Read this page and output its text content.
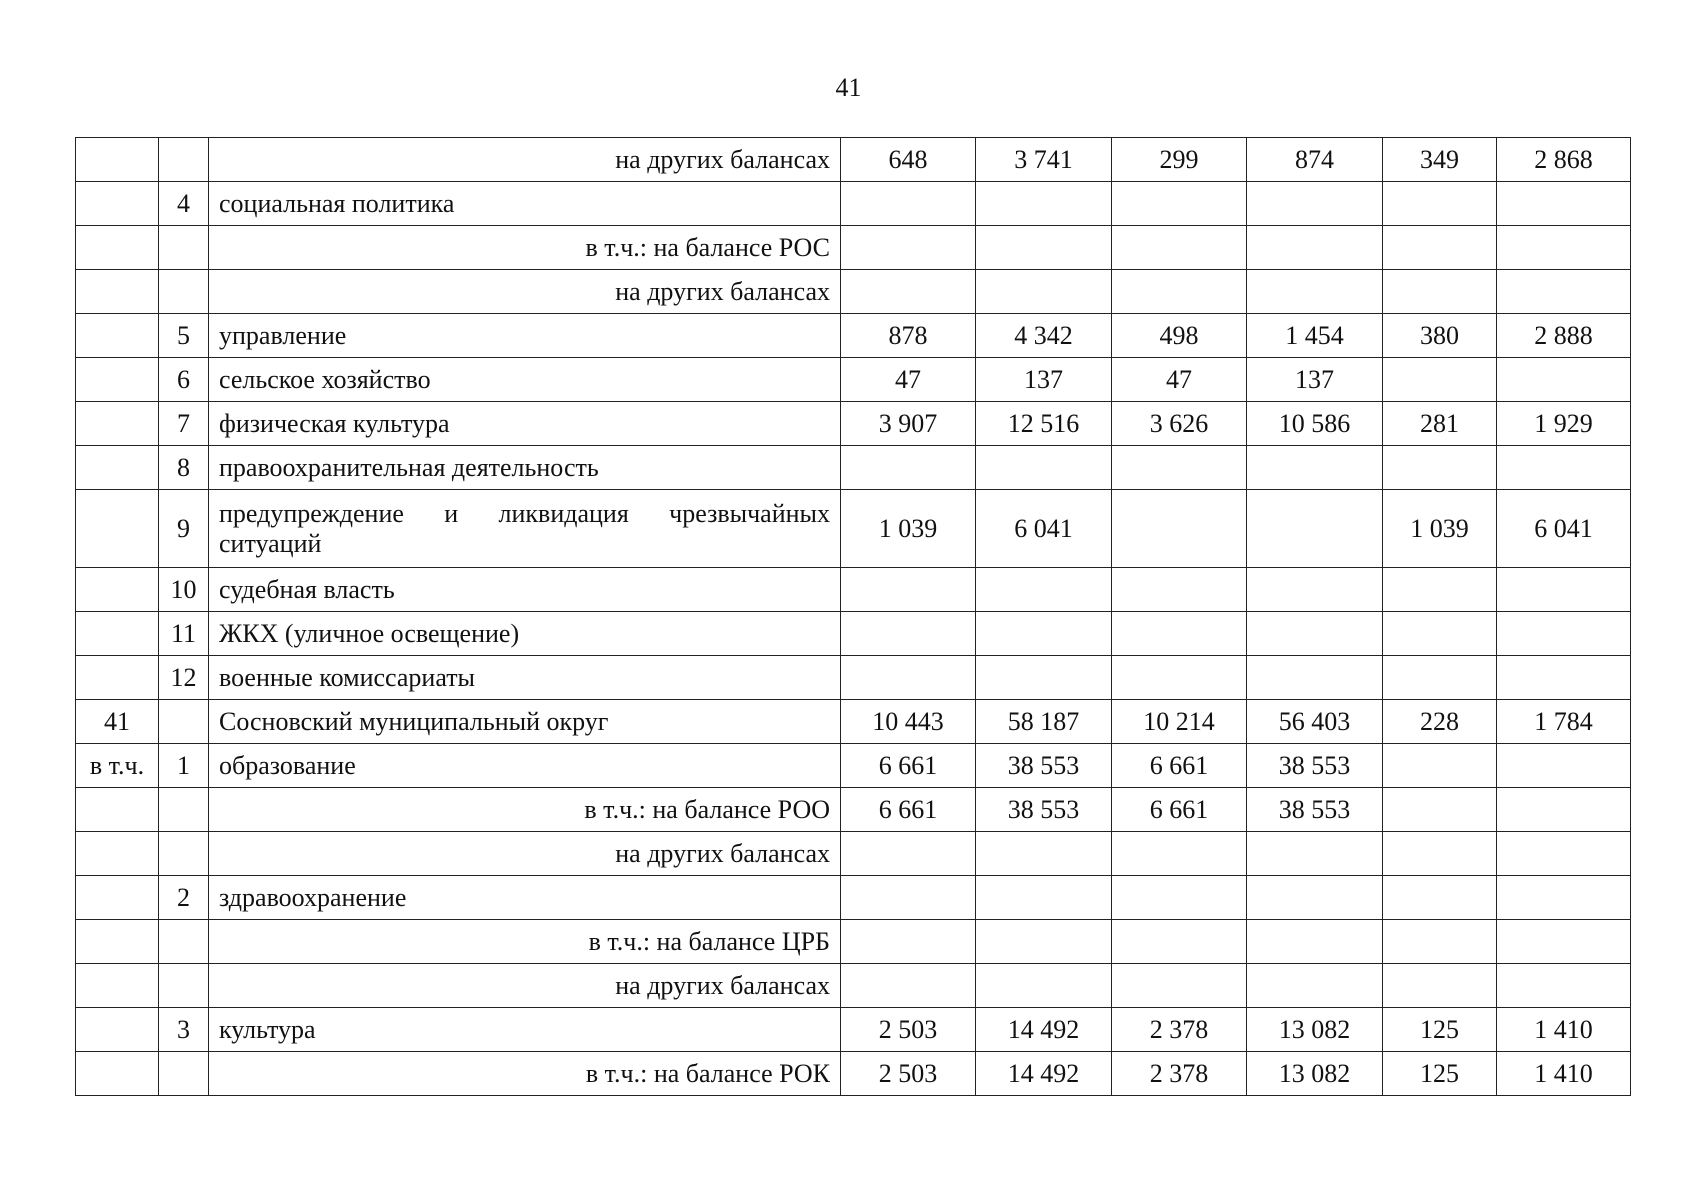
41
		на других балансах	648	3 741	299	874	349	2 868
	4	социальная политика						
		в т.ч.: на балансе РОС						
		на других балансах						
	5	управление	878	4 342	498	1 454	380	2 888
	6	сельское хозяйство	47	137	47	137		
	7	физическая культура	3 907	12 516	3 626	10 586	281	1 929
	8	правоохранительная деятельность						
	9	предупреждение и ликвидация чрезвычайных ситуаций	1 039	6 041			1 039	6 041
	10	судебная власть						
	11	ЖКХ (уличное освещение)						
	12	военные комиссариаты						
41		Сосновский муниципальный округ	10 443	58 187	10 214	56 403	228	1 784
в т.ч.	1	образование	6 661	38 553	6 661	38 553		
		в т.ч.: на балансе РОО	6 661	38 553	6 661	38 553		
		на других балансах						
	2	здравоохранение						
		в т.ч.: на балансе ЦРБ						
		на других балансах						
	3	культура	2 503	14 492	2 378	13 082	125	1 410
		в т.ч.: на балансе РОК	2 503	14 492	2 378	13 082	125	1 410
